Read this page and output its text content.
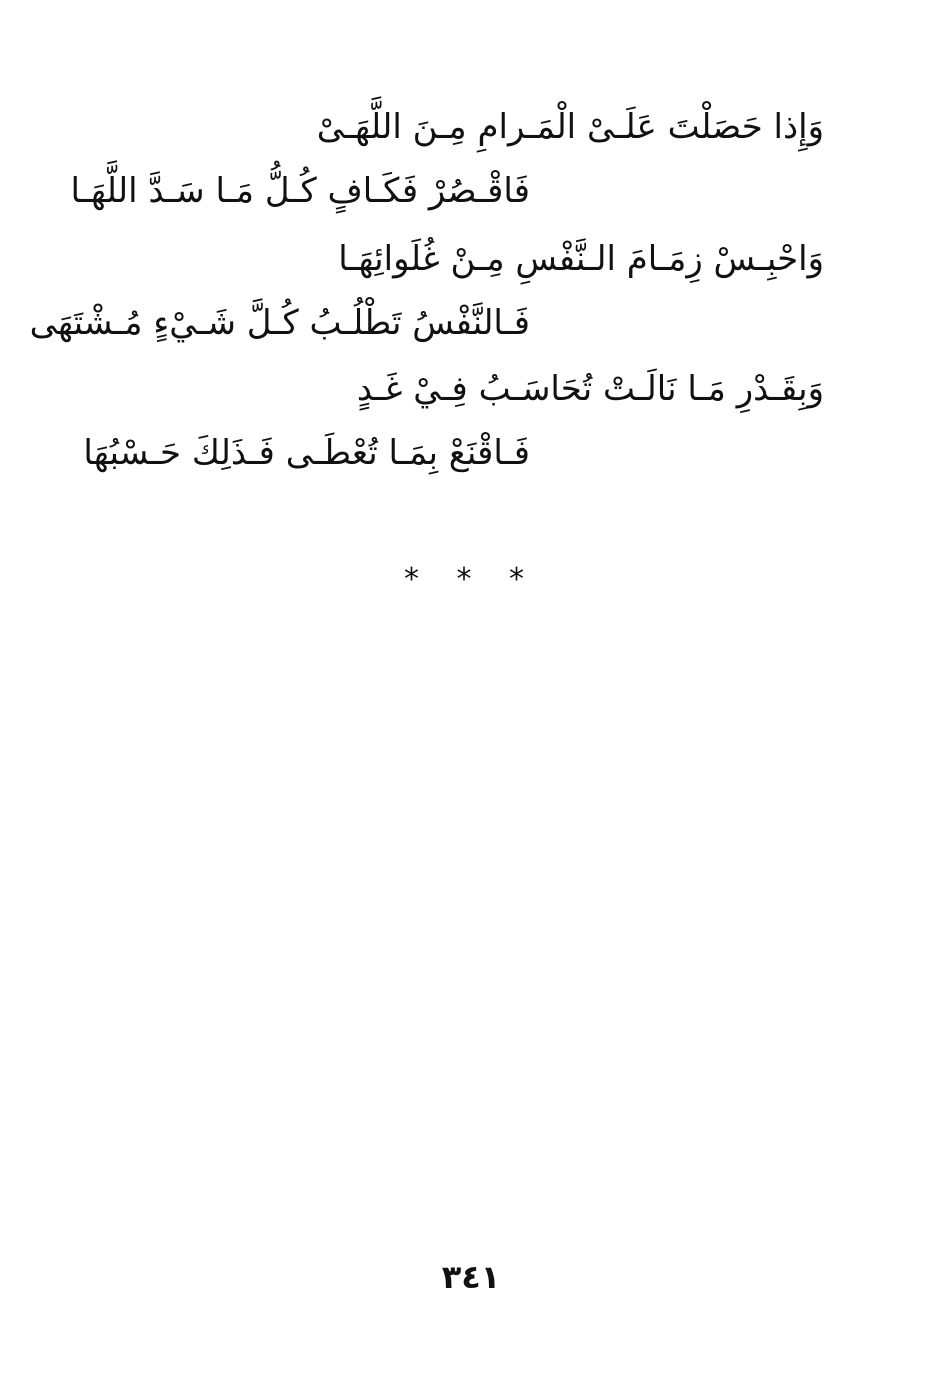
وَإِذا حَصَلْتَ عَلَـىْ الْمَـرامِ مِـنَ اللَّهَـىْ
فَاقْـصُرْ فَكَـافٍ كُـلُّ مَـا سَـدَّ اللَّهَـا
وَاحْبِـسْ زِمَـامَ الـنَّفْسِ مِـنْ غُلَوائِهَـا
فَـالنَّفْسُ تَطْلُـبُ كُـلَّ شَـيْءٍ مُـشْتَهَى
وَبِقَـدْرِ مَـا نَالَـتْ تُحَاسَـبُ فِـيْ غَـدٍ
فَـاقْنَعْ بِمَـا تُعْطَـى فَـذَلِكَ حَـسْبُهَا
* * *
٣٤١
